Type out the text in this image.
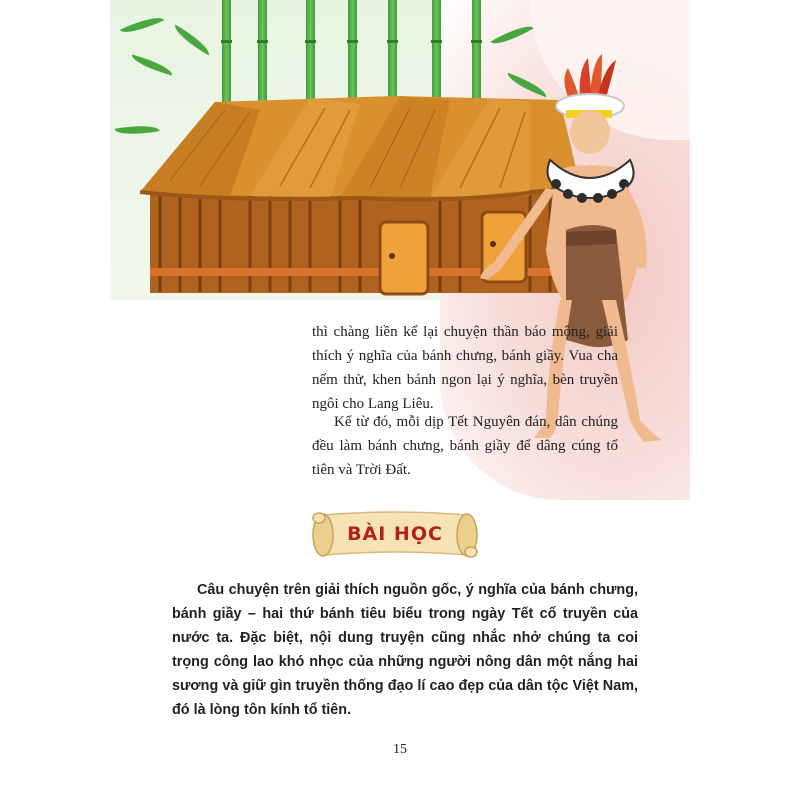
thì chàng liền kể lại chuyện thần báo mộng, giải thích ý nghĩa của bánh chưng, bánh giầy. Vua cha nếm thử, khen bánh ngon lại ý nghĩa, bèn truyền ngôi cho Lang Liêu.

Kể từ đó, mỗi dịp Tết Nguyên đán, dân chúng đều làm bánh chưng, bánh giầy để dâng cúng tổ tiên và Trời Đất.

BÀI HỌC

Câu chuyện trên giải thích nguồn gốc, ý nghĩa của bánh chưng, bánh giầy – hai thứ bánh tiêu biểu trong ngày Tết cổ truyền của nước ta. Đặc biệt, nội dung truyện cũng nhắc nhở chúng ta coi trọng công lao khó nhọc của những người nông dân một nắng hai sương và giữ gìn truyền thống đạo lí cao đẹp của dân tộc Việt Nam, đó là lòng tôn kính tổ tiên.

15
